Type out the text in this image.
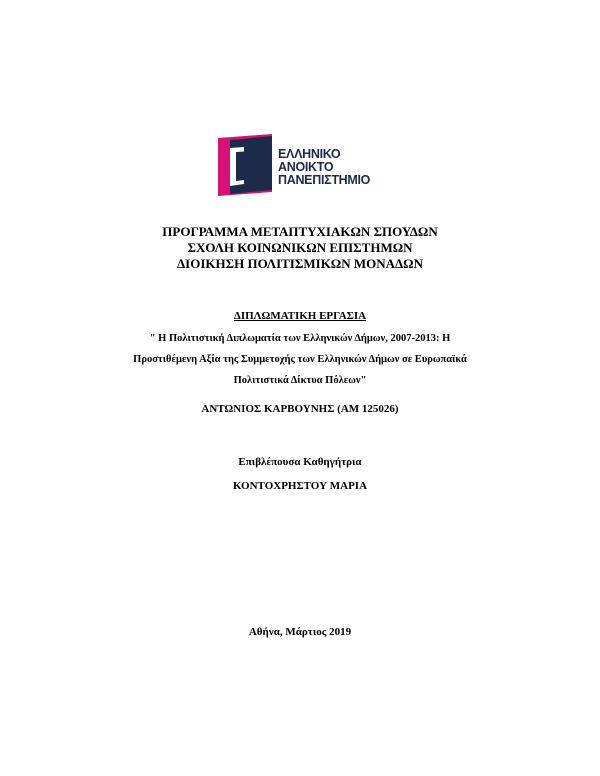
ΕΛΛΗΝΙΚΟ
ΑΝΟΙΚΤΟ
ΠΑΝΕΠΙΣΤΗΜΙΟ
ΠΡΟΓΡΑΜΜΑ ΜΕΤΑΠΤΥΧΙΑΚΩΝ ΣΠΟΥΔΩΝ
ΣΧΟΛΗ ΚΟΙΝΩΝΙΚΩΝ ΕΠΙΣΤΗΜΩΝ
ΔΙΟΙΚΗΣΗ ΠΟΛΙΤΙΣΜΙΚΩΝ ΜΟΝΑΔΩΝ
ΔΙΠΛΩΜΑΤΙΚΗ ΕΡΓΑΣΙΑ
" Η Πολιτιστική Διπλωματία των Ελληνικών Δήμων, 2007-2013: Η
Προστιθέμενη Αξία της Συμμετοχής των Ελληνικών Δήμων σε Ευρωπαϊκά
Πολιτιστικά Δίκτυα Πόλεων"
ΑΝΤΩΝΙΟΣ ΚΑΡΒΟΥΝΗΣ (ΑΜ 125026)
Επιβλέπουσα Καθηγήτρια
ΚΟΝΤΟΧΡΗΣΤΟΥ ΜΑΡΙΑ
Αθήνα, Μάρτιος 2019
